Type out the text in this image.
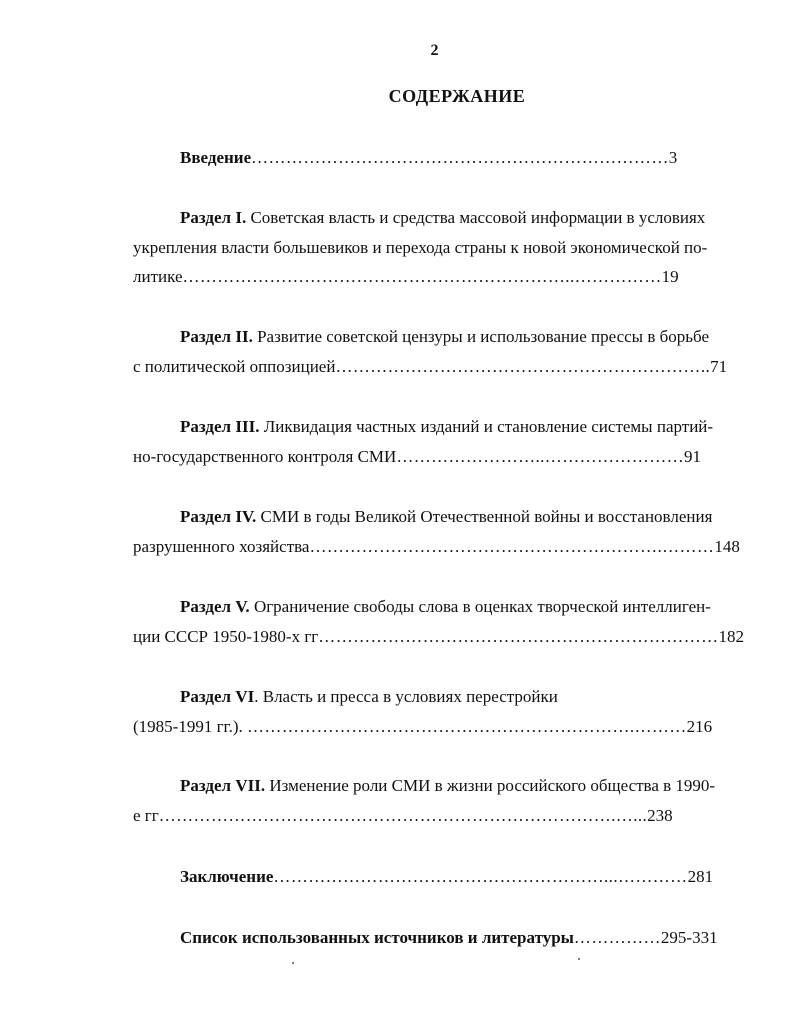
2
СОДЕРЖАНИЕ
Введение………………………………………………………………3
Раздел I. Советская власть и средства массовой информации в условиях
укрепления власти большевиков и перехода страны к новой экономической по-
литике…………………………………………………………..……………19
Раздел II. Развитие советской цензуры и использование прессы в борьбе
с политической оппозицией………………………………………………………..71
Раздел III. Ликвидация частных изданий и становление системы партий-
но-государственного контроля СМИ……………………..……………………91
Раздел IV. СМИ в годы Великой Отечественной войны и восстановления
разрушенного хозяйства…………………………………………………….………148
Раздел V. Ограничение свободы слова в оценках творческой интеллиген-
ции СССР 1950-1980-х гг……………………………………………………………182
Раздел VI. Власть и пресса в условиях перестройки
(1985-1991 гг.). ………………………………………………………….………216
Раздел VII. Изменение роли СМИ в жизни российского общества в 1990-
е гг…………………………………………………………………….…...238
Заключение…………………………………………………...…………281
Список использованных источников и литературы……………295-331
